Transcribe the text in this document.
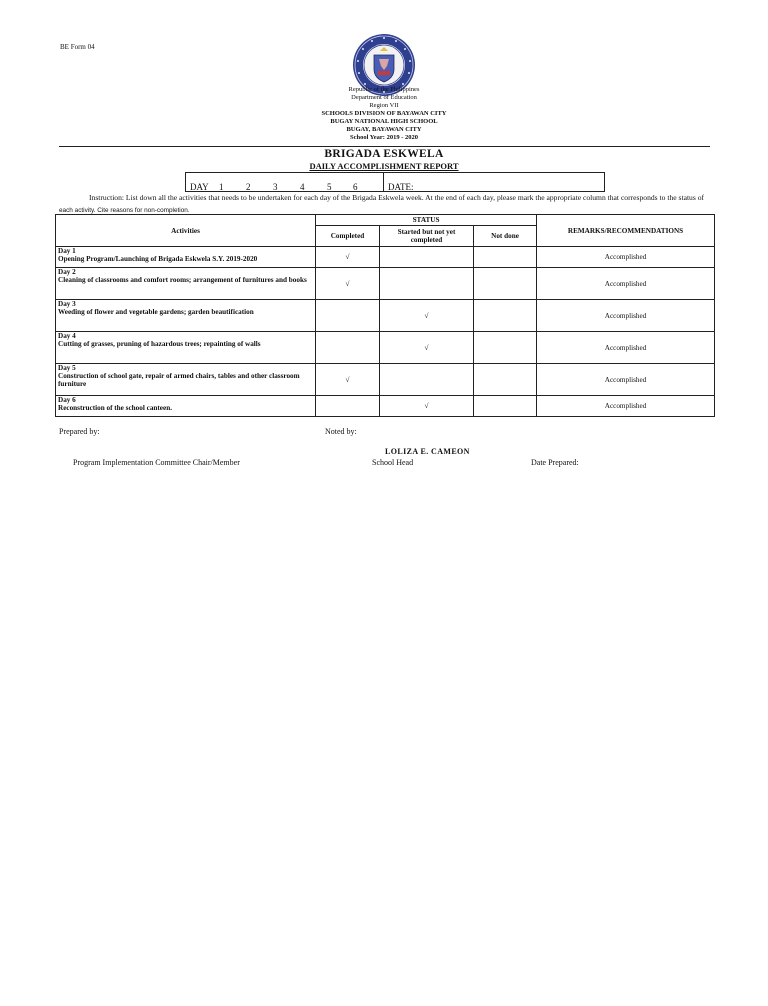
BE Form 04
Republic of the Philippines
Department of Education
Region VII
SCHOOLS DIVISION OF BAYAWAN CITY
BUGAY NATIONAL HIGH SCHOOL
BUGAY, BAYAWAN CITY
School Year: 2019 - 2020
BRIGADA ESKWELA
DAILY ACCOMPLISHMENT REPORT
DAY 1	2	3	4	5 6	DATE:
Instruction: List down all the activities that needs to be undertaken for each day of the Brigada Eskwela week. At the end of each day, please mark the appropriate column that corresponds to the status of each activity. Cite reasons for non-completion.
Activities	STATUS			REMARKS/RECOMMENDATIONS
	Completed	Started but not yet completed	Not done	

Day 1
Opening Program/Launching of Brigada Eskwela S.Y. 2019-2020	√			Accomplished

Day 2
Cleaning of classrooms and comfort rooms; arrangement of furnitures and books	√			Accomplished

Day 3
Weeding of flower and vegetable gardens; garden beautification		√		Accomplished

Day 4
Cutting of grasses, pruning of hazardous trees; repainting of walls		√		Accomplished

Day 5
Construction of school gate, repair of armed chairs, tables and other classroom furniture	√			Accomplished

Day 6
Reconstruction of the school canteen.		√		Accomplished
Prepared by:	Noted by:
LOLIZA E. CAMEON
Program Implementation Committee Chair/Member	School Head	Date Prepared:
